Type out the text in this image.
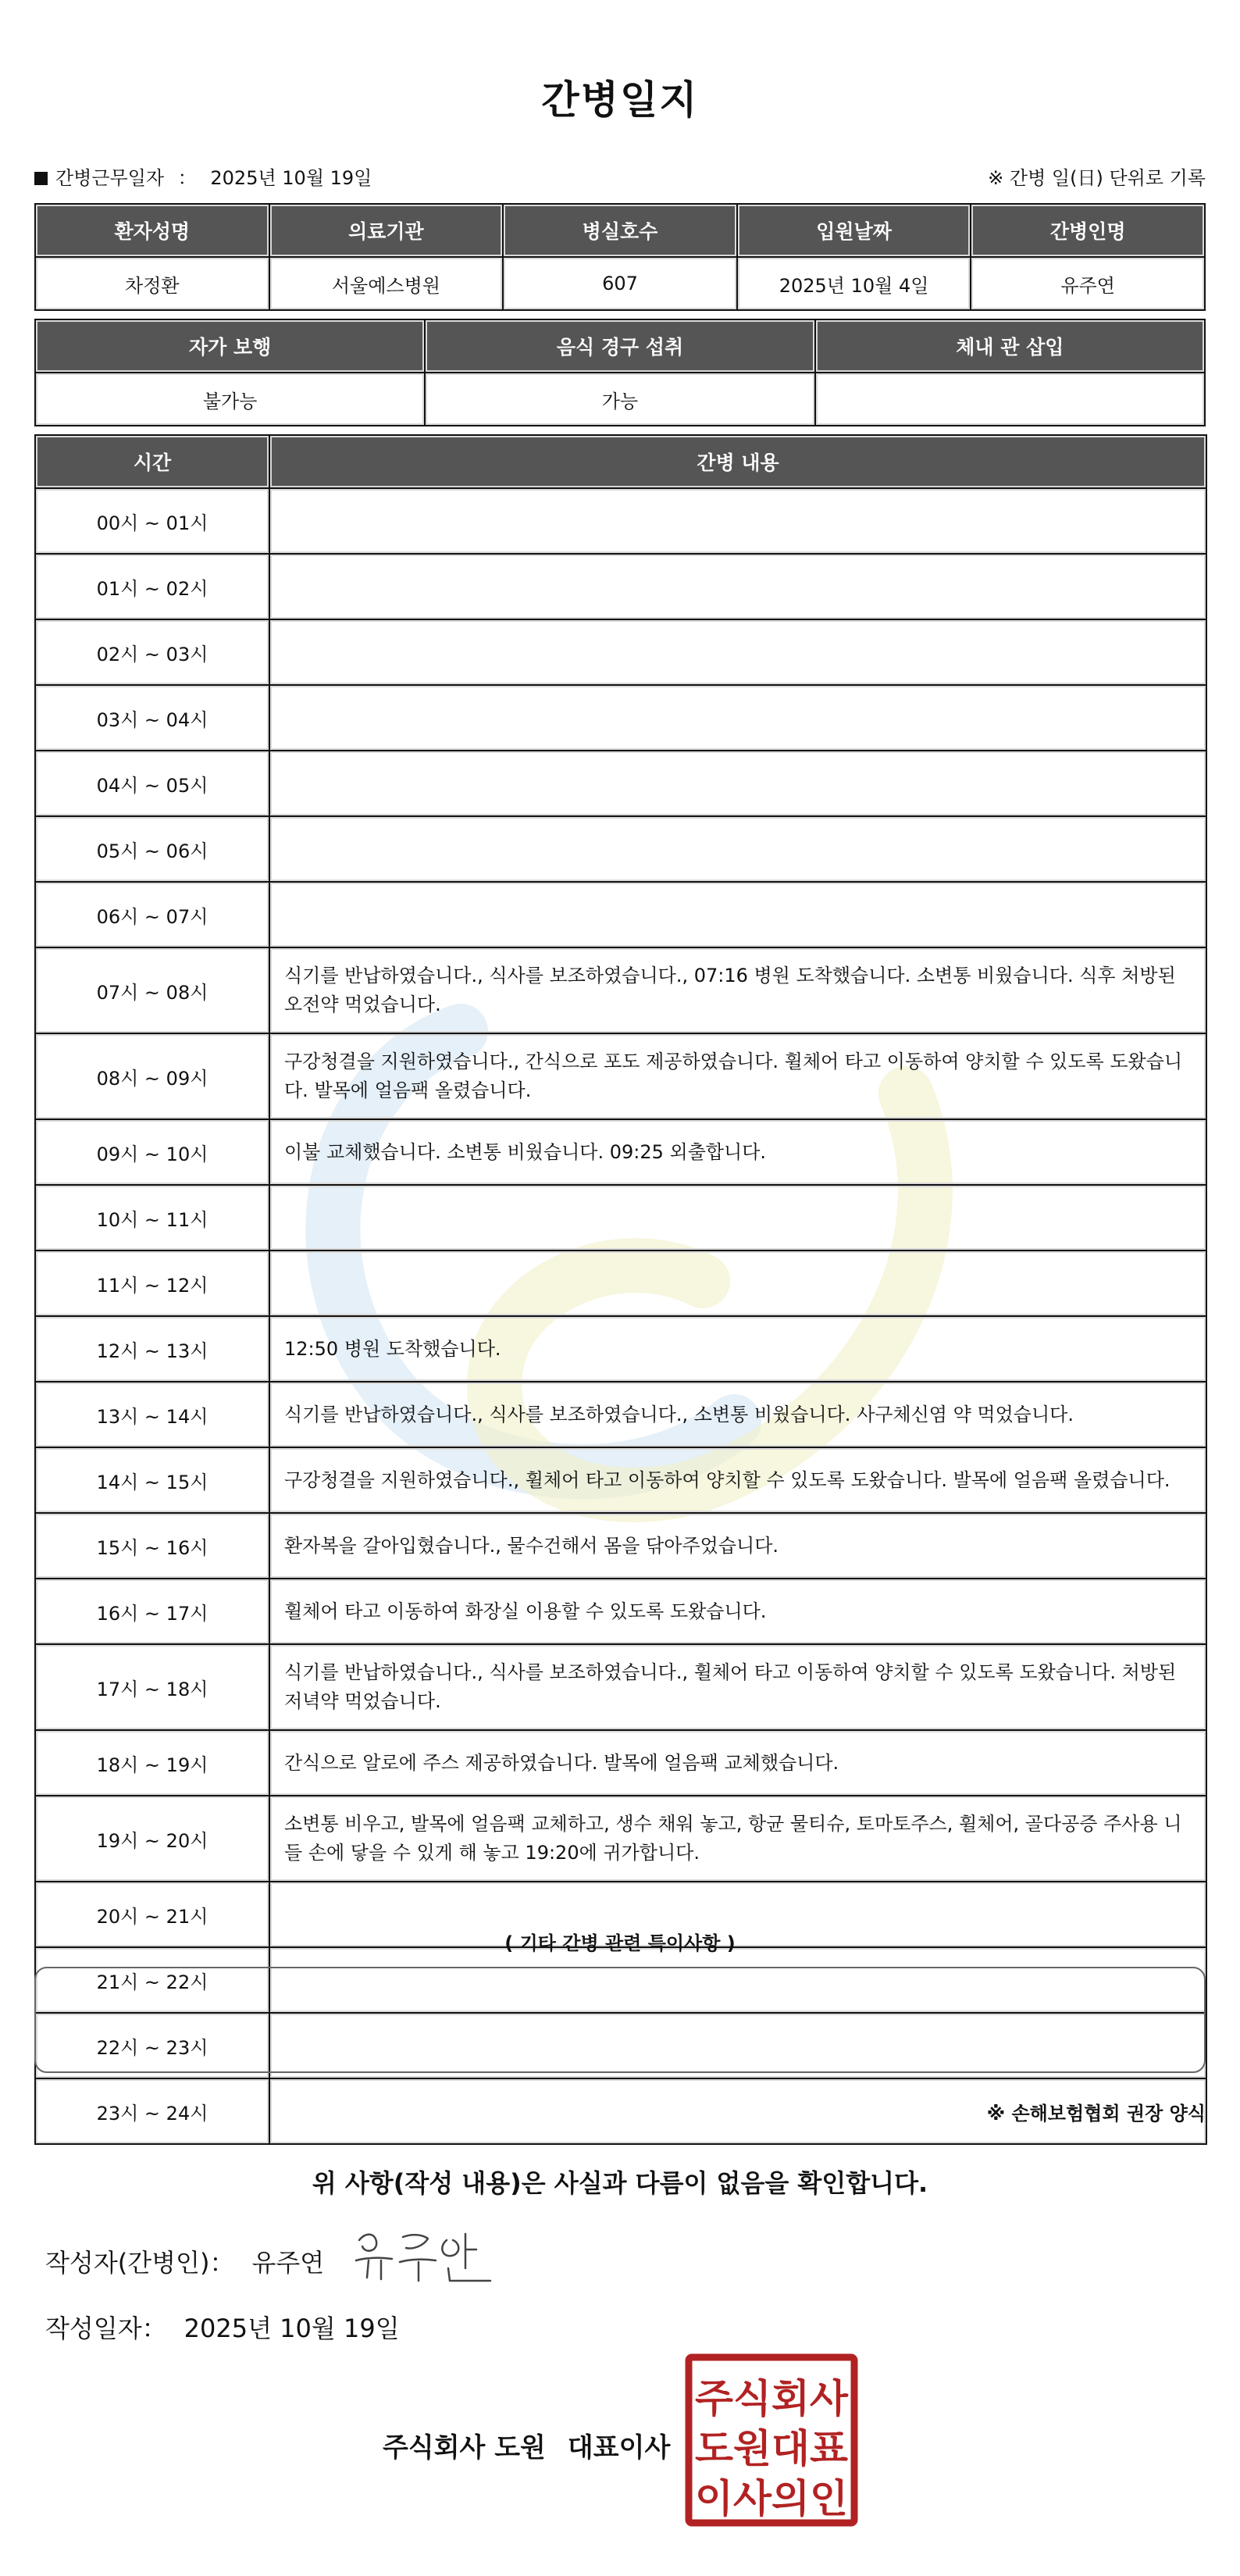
간병일지
간병근무일자 ： 2025년 10월 19일	※ 간병 일(日) 단위로 기록
환자성명	의료기관	병실호수	입원날짜	간병인명
차정환	서울예스병원	607	2025년 10월 4일	유주연
자가 보행	음식 경구 섭취	체내 관 삽입
불가능	가능	
시간	간병 내용
00시 ~ 01시	
01시 ~ 02시	
02시 ~ 03시	
03시 ~ 04시	
04시 ~ 05시	
05시 ~ 06시	
06시 ~ 07시	
07시 ~ 08시	식기를 반납하였습니다., 식사를 보조하였습니다., 07:16 병원 도착했습니다. 소변통 비웠습니다. 식후 처방된 오전약 먹었습니다.
08시 ~ 09시	구강청결을 지원하였습니다., 간식으로 포도 제공하였습니다. 휠체어 타고 이동하여 양치할 수 있도록 도왔습니다. 발목에 얼음팩 올렸습니다.
09시 ~ 10시	이불 교체했습니다. 소변통 비웠습니다. 09:25 외출합니다.
10시 ~ 11시	
11시 ~ 12시	
12시 ~ 13시	12:50 병원 도착했습니다.
13시 ~ 14시	식기를 반납하였습니다., 식사를 보조하였습니다., 소변통 비웠습니다. 사구체신염 약 먹었습니다.
14시 ~ 15시	구강청결을 지원하였습니다., 휠체어 타고 이동하여 양치할 수 있도록 도왔습니다. 발목에 얼음팩 올렸습니다.
15시 ~ 16시	환자복을 갈아입혔습니다., 물수건해서 몸을 닦아주었습니다.
16시 ~ 17시	휠체어 타고 이동하여 화장실 이용할 수 있도록 도왔습니다.
17시 ~ 18시	식기를 반납하였습니다., 식사를 보조하였습니다., 휠체어 타고 이동하여 양치할 수 있도록 도왔습니다. 처방된 저녁약 먹었습니다.
18시 ~ 19시	간식으로 알로에 주스 제공하였습니다. 발목에 얼음팩 교체했습니다.
19시 ~ 20시	소변통 비우고, 발목에 얼음팩 교체하고, 생수 채워 놓고, 항균 물티슈, 토마토주스, 휠체어, 골다공증 주사용 니들 손에 닿을 수 있게 해 놓고 19:20에 귀가합니다.
20시 ~ 21시	
21시 ~ 22시	
22시 ~ 23시	
23시 ~ 24시	
( 기타 간병 관련 특이사항 )
※ 손해보험협회 권장 양식
위 사항(작성 내용)은 사실과 다름이 없음을 확인합니다.
작성자(간병인)： 유주연
작성일자： 2025년 10월 19일
주식회사 도원 대표이사
주식회사
도원대표
이사의인
